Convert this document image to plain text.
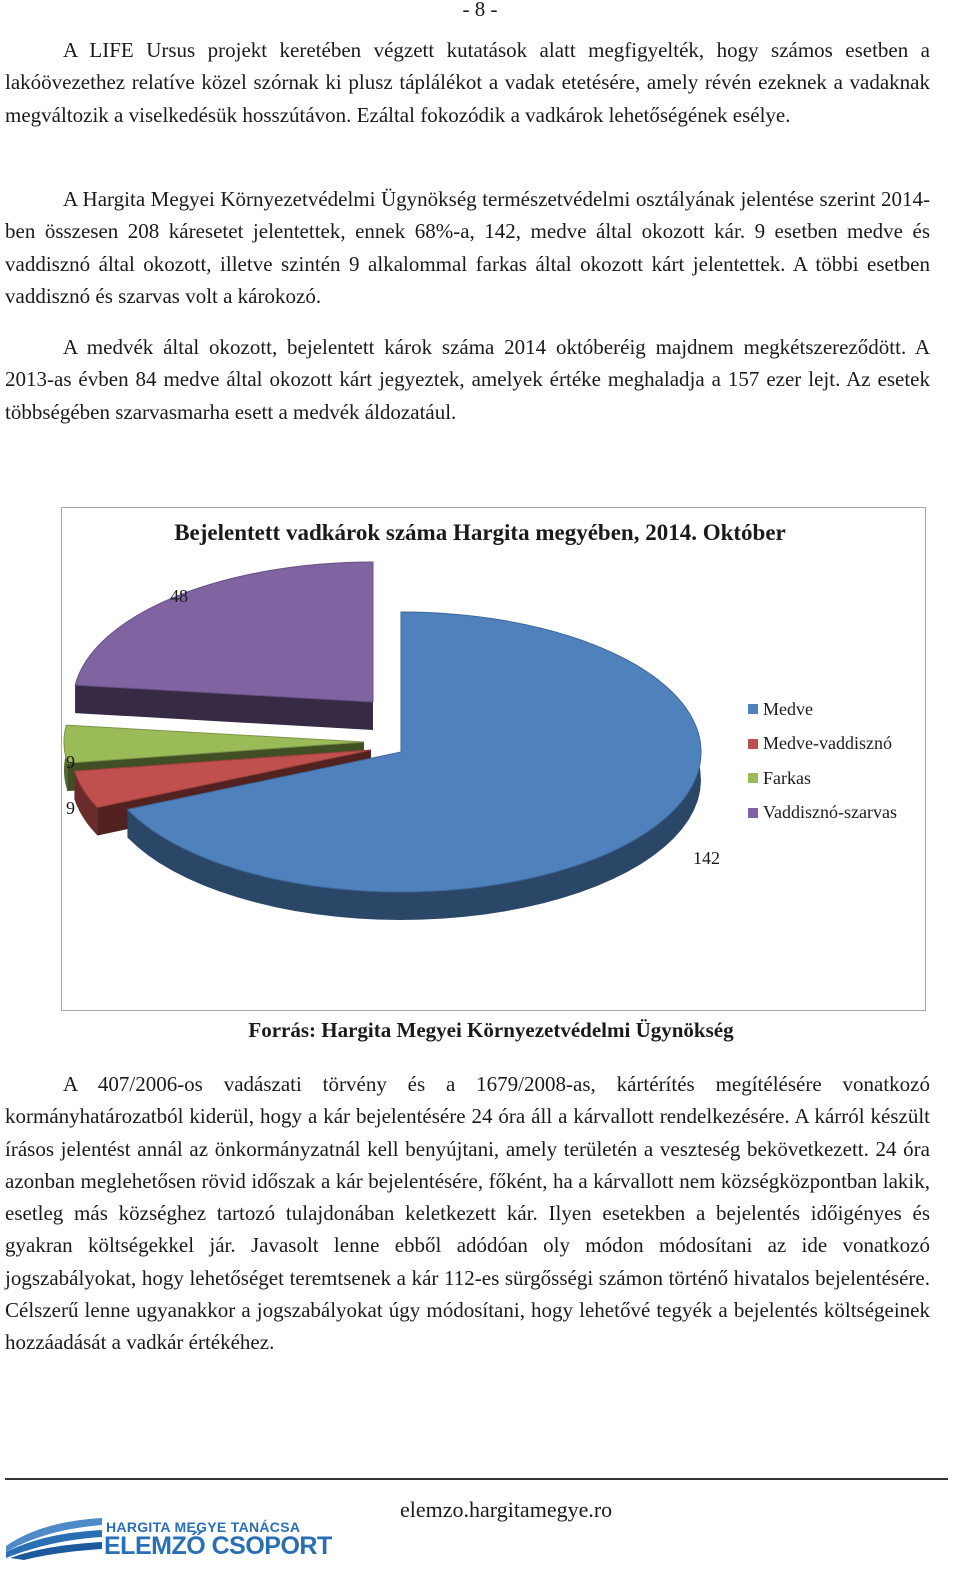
- 8 -

A LIFE Ursus projekt keretében végzett kutatások alatt megfigyelték, hogy számos esetben a lakóövezethez relatíve közel szórnak ki plusz táplálékot a vadak etetésére, amely révén ezeknek a vadaknak megváltozik a viselkedésük hosszútávon. Ezáltal fokozódik a vadkárok lehetőségének esélye.

A Hargita Megyei Környezetvédelmi Ügynökség természetvédelmi osztályának jelentése szerint 2014-ben összesen 208 káresetet jelentettek, ennek 68%-a, 142, medve által okozott kár. 9 esetben medve és vaddisznó által okozott, illetve szintén 9 alkalommal farkas által okozott kárt jelentettek. A többi esetben vaddisznó és szarvas volt a károkozó.

A medvék által okozott, bejelentett károk száma 2014 októberéig majdnem megkétszereződött. A 2013-as évben 84 medve által okozott kárt jegyeztek, amelyek értéke meghaladja a 157 ezer lejt. Az esetek többségében szarvasmarha esett a medvék áldozatául.

Bejelentett vadkárok száma Hargita megyében, 2014. Október
142
9
9
48
Medve
Medve-vaddisznó
Farkas
Vaddisznó-szarvas
Forrás: Hargita Megyei Környezetvédelmi Ügynökség

A 407/2006-os vadászati törvény és a 1679/2008-as, kártérítés megítélésére vonatkozó kormányhatározatból kiderül, hogy a kár bejelentésére 24 óra áll a kárvallott rendelkezésére. A kárról készült írásos jelentést annál az önkormányzatnál kell benyújtani, amely területén a veszteség bekövetkezett. 24 óra azonban meglehetősen rövid időszak a kár bejelentésére, főként, ha a kárvallott nem községközpontban lakik, esetleg más községhez tartozó tulajdonában keletkezett kár. Ilyen esetekben a bejelentés időigényes és gyakran költségekkel jár. Javasolt lenne ebből adódóan oly módon módosítani az ide vonatkozó jogszabályokat, hogy lehetőséget teremtsenek a kár 112-es sürgősségi számon történő hivatalos bejelentésére. Célszerű lenne ugyanakkor a jogszabályokat úgy módosítani, hogy lehetővé tegyék a bejelentés költségeinek hozzáadását a vadkár értékéhez.

HARGITA MEGYE TANÁCSA
ELEMZŐ CSOPORT
elemzo.hargitamegye.ro
